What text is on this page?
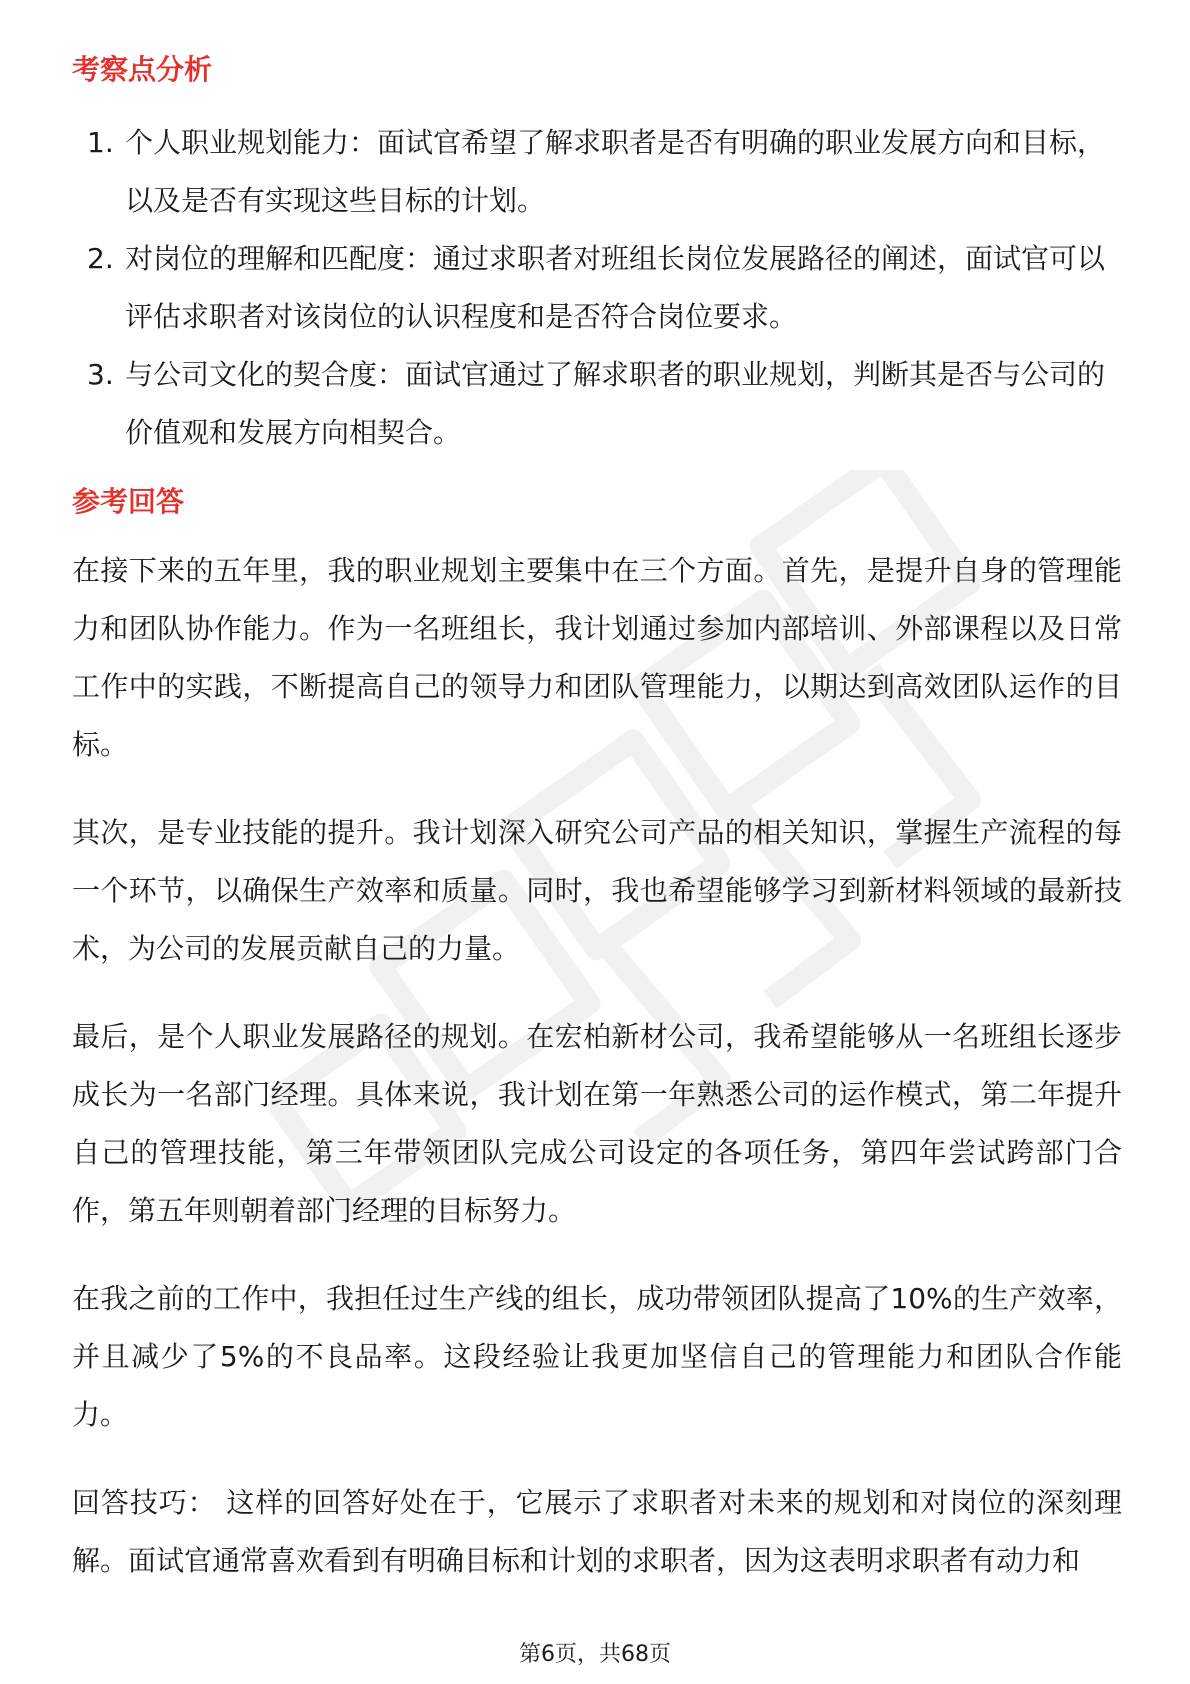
考察点分析
1. 个人职业规划能力：面试官希望了解求职者是否有明确的职业发展方向和目标，以及是否有实现这些目标的计划。
2. 对岗位的理解和匹配度：通过求职者对班组长岗位发展路径的阐述，面试官可以评估求职者对该岗位的认识程度和是否符合岗位要求。
3. 与公司文化的契合度：面试官通过了解求职者的职业规划，判断其是否与公司的价值观和发展方向相契合。
参考回答

在接下来的五年里，我的职业规划主要集中在三个方面。首先，是提升自身的管理能力和团队协作能力。作为一名班组长，我计划通过参加内部培训、外部课程以及日常工作中的实践，不断提高自己的领导力和团队管理能力，以期达到高效团队运作的目标。

其次，是专业技能的提升。我计划深入研究公司产品的相关知识，掌握生产流程的每一个环节，以确保生产效率和质量。同时，我也希望能够学习到新材料领域的最新技术，为公司的发展贡献自己的力量。

最后，是个人职业发展路径的规划。在宏柏新材公司，我希望能够从一名班组长逐步成长为一名部门经理。具体来说，我计划在第一年熟悉公司的运作模式，第二年提升自己的管理技能，第三年带领团队完成公司设定的各项任务，第四年尝试跨部门合作，第五年则朝着部门经理的目标努力。

在我之前的工作中，我担任过生产线的组长，成功带领团队提高了10%的生产效率，并且减少了5%的不良品率。这段经验让我更加坚信自己的管理能力和团队合作能力。

回答技巧： 这样的回答好处在于，它展示了求职者对未来的规划和对岗位的深刻理解。面试官通常喜欢看到有明确目标和计划的求职者，因为这表明求职者有动力和

第6页，共68页
